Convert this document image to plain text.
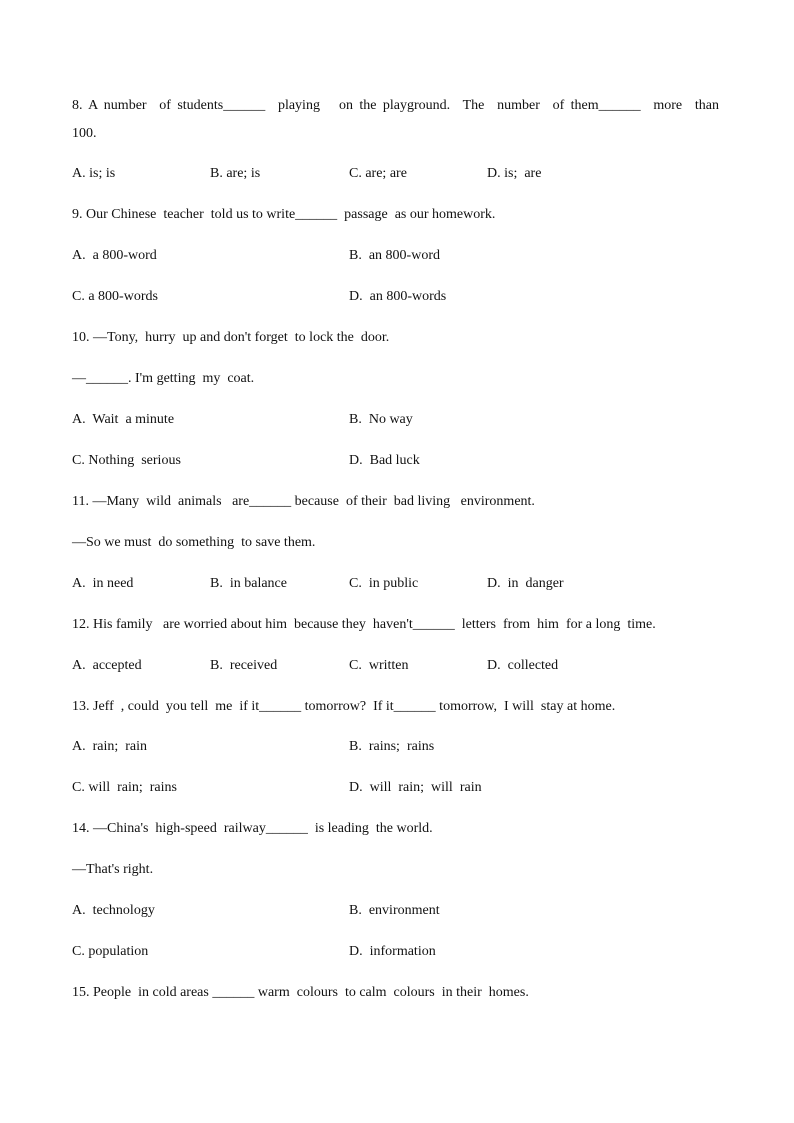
8. A number  of students______  playing   on the playground.  The  number  of them______  more  than
100.
A. is; is	B. are; is	C. are; are	D. is;  are
9. Our Chinese  teacher  told us to write______  passage  as our homework.
A.  a 800-word	B.  an 800-word
C. a 800-words	D.  an 800-words
10. —Tony,  hurry  up and don't forget  to lock the  door.
—______. I'm getting  my  coat.
A.  Wait  a minute	B.  No way
C. Nothing  serious	D.  Bad luck
11. —Many  wild  animals   are______ because  of their  bad living   environment.
—So we must  do something  to save them.
A.  in need	B.  in balance	C.  in public	D.  in  danger
12. His family   are worried about him  because they  haven't______  letters  from  him  for a long  time.
A.  accepted	B.  received	C.  written	D.  collected
13. Jeff  , could  you tell  me  if it______ tomorrow?  If it______ tomorrow,  I will  stay at home.
A.  rain;  rain	B.  rains;  rains
C. will  rain;  rains	D.  will  rain;  will  rain
14. —China's  high-speed  railway______  is leading  the world.
—That's right.
A.  technology	B.  environment
C. population	D.  information
15. People  in cold areas ______ warm  colours  to calm  colours  in their  homes.
